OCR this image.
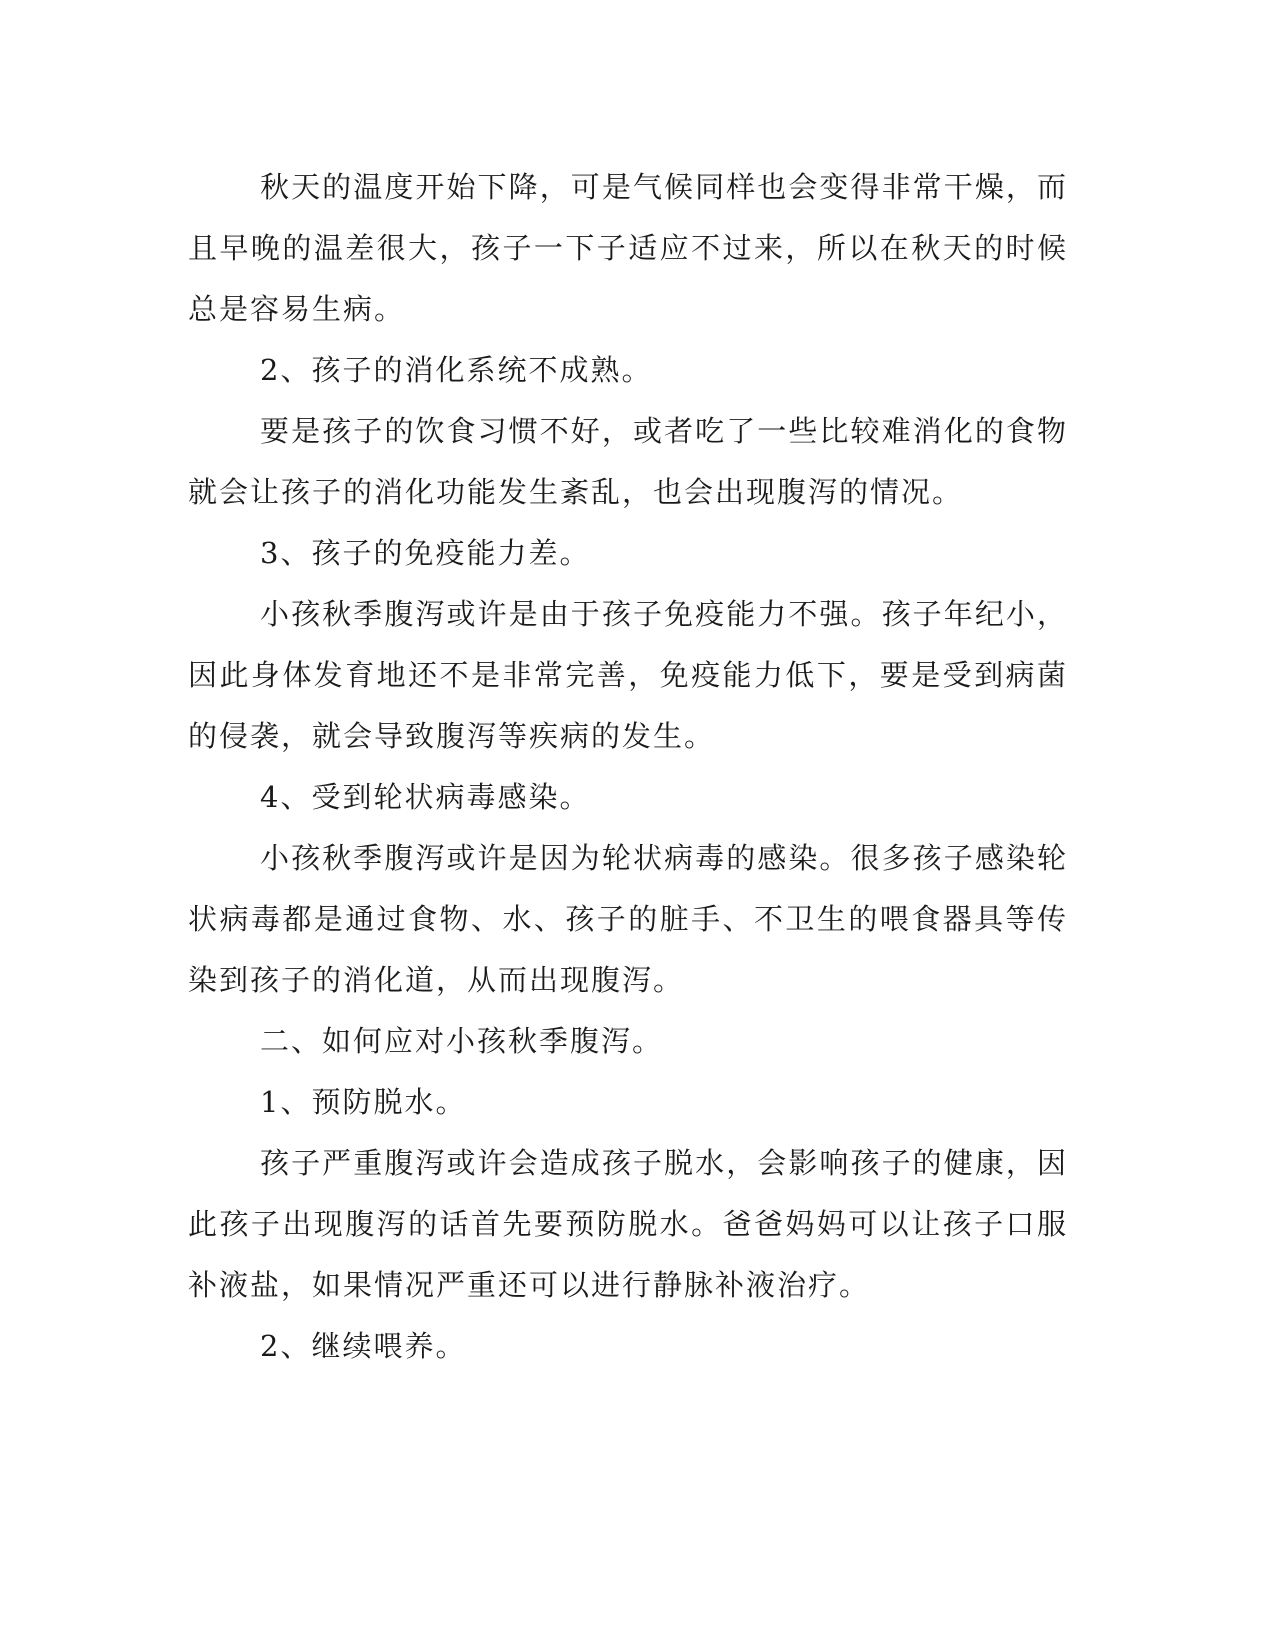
秋天的温度开始下降，可是气候同样也会变得非常干燥，而且早晚的温差很大，孩子一下子适应不过来，所以在秋天的时候总是容易生病。

2、孩子的消化系统不成熟。

要是孩子的饮食习惯不好，或者吃了一些比较难消化的食物就会让孩子的消化功能发生紊乱，也会出现腹泻的情况。

3、孩子的免疫能力差。

小孩秋季腹泻或许是由于孩子免疫能力不强。孩子年纪小，因此身体发育地还不是非常完善，免疫能力低下，要是受到病菌的侵袭，就会导致腹泻等疾病的发生。

4、受到轮状病毒感染。

小孩秋季腹泻或许是因为轮状病毒的感染。很多孩子感染轮状病毒都是通过食物、水、孩子的脏手、不卫生的喂食器具等传染到孩子的消化道，从而出现腹泻。

二、如何应对小孩秋季腹泻。

1、预防脱水。

孩子严重腹泻或许会造成孩子脱水，会影响孩子的健康，因此孩子出现腹泻的话首先要预防脱水。爸爸妈妈可以让孩子口服补液盐，如果情况严重还可以进行静脉补液治疗。

2、继续喂养。
